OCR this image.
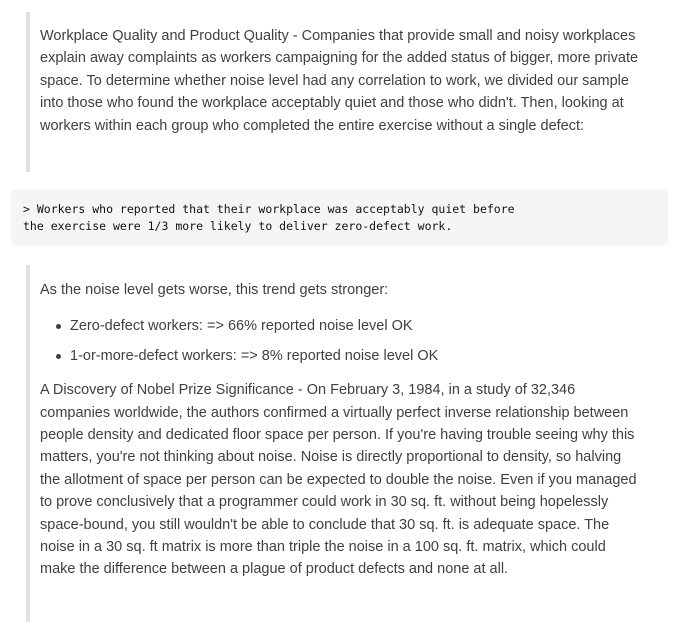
Workplace Quality and Product Quality - Companies that provide small and noisy workplaces explain away complaints as workers campaigning for the added status of bigger, more private space. To determine whether noise level had any correlation to work, we divided our sample into those who found the workplace acceptably quiet and those who didn't. Then, looking at workers within each group who completed the entire exercise without a single defect:

> Workers who reported that their workplace was acceptably quiet before
the exercise were 1/3 more likely to deliver zero-defect work.

As the noise level gets worse, this trend gets stronger:

Zero-defect workers: => 66% reported noise level OK
1-or-more-defect workers: => 8% reported noise level OK

A Discovery of Nobel Prize Significance - On February 3, 1984, in a study of 32,346 companies worldwide, the authors confirmed a virtually perfect inverse relationship between people density and dedicated floor space per person. If you're having trouble seeing why this matters, you're not thinking about noise. Noise is directly proportional to density, so halving the allotment of space per person can be expected to double the noise. Even if you managed to prove conclusively that a programmer could work in 30 sq. ft. without being hopelessly space-bound, you still wouldn't be able to conclude that 30 sq. ft. is adequate space. The noise in a 30 sq. ft matrix is more than triple the noise in a 100 sq. ft. matrix, which could make the difference between a plague of product defects and none at all.
